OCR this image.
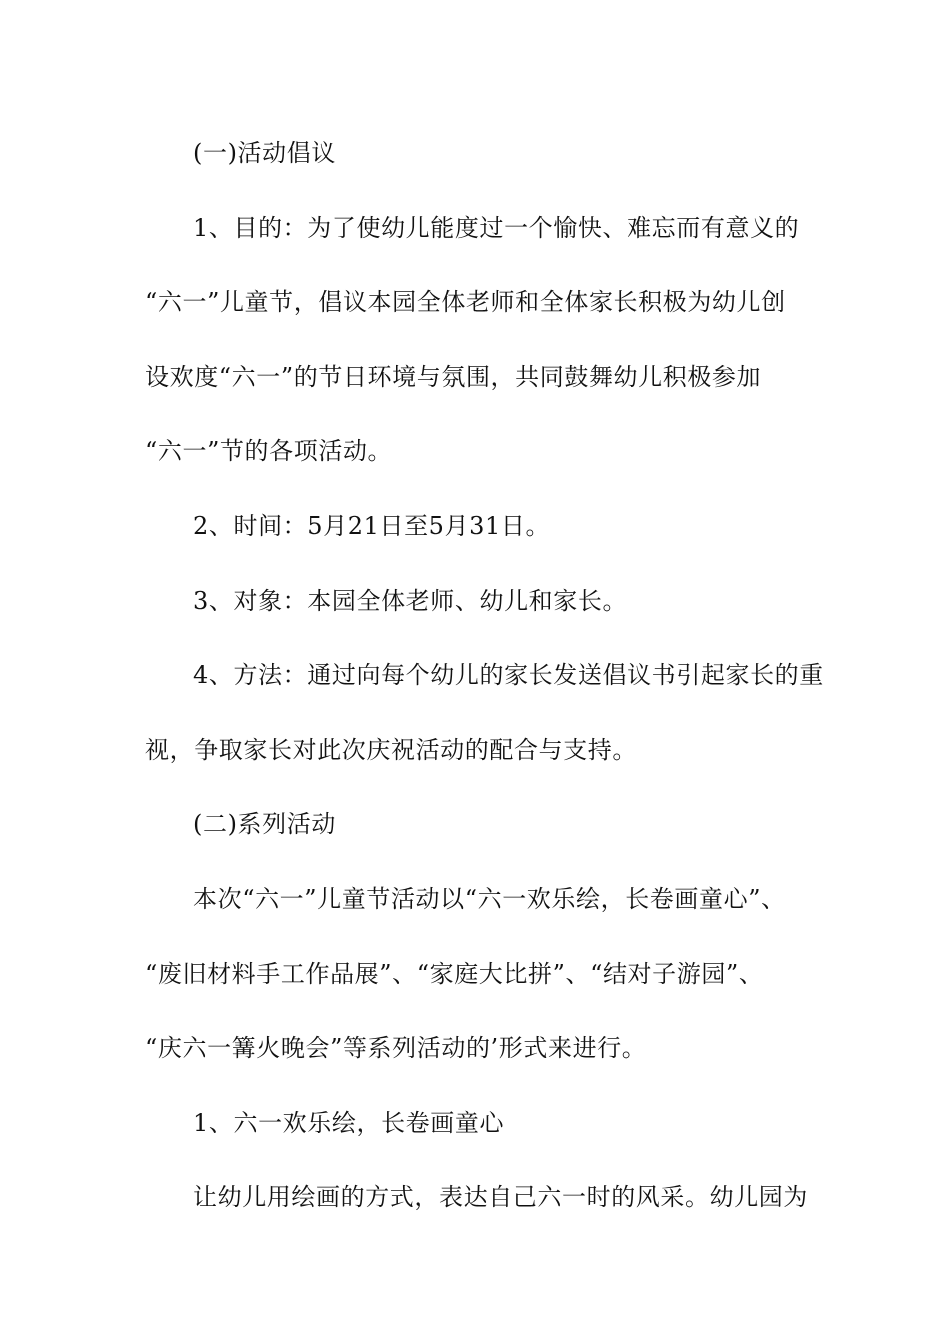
(一)活动倡议
1、目的：为了使幼儿能度过一个愉快、难忘而有意义的
“六一”儿童节，倡议本园全体老师和全体家长积极为幼儿创
设欢度“六一”的节日环境与氛围，共同鼓舞幼儿积极参加
“六一”节的各项活动。
2、时间：5月21日至5月31日。
3、对象：本园全体老师、幼儿和家长。
4、方法：通过向每个幼儿的家长发送倡议书引起家长的重
视，争取家长对此次庆祝活动的配合与支持。
(二)系列活动
本次“六一”儿童节活动以“六一欢乐绘，长卷画童心”、
“废旧材料手工作品展”、“家庭大比拼”、“结对子游园”、
“庆六一篝火晚会”等系列活动的’形式来进行。
1、六一欢乐绘，长卷画童心
让幼儿用绘画的方式，表达自己六一时的风采。幼儿园为
